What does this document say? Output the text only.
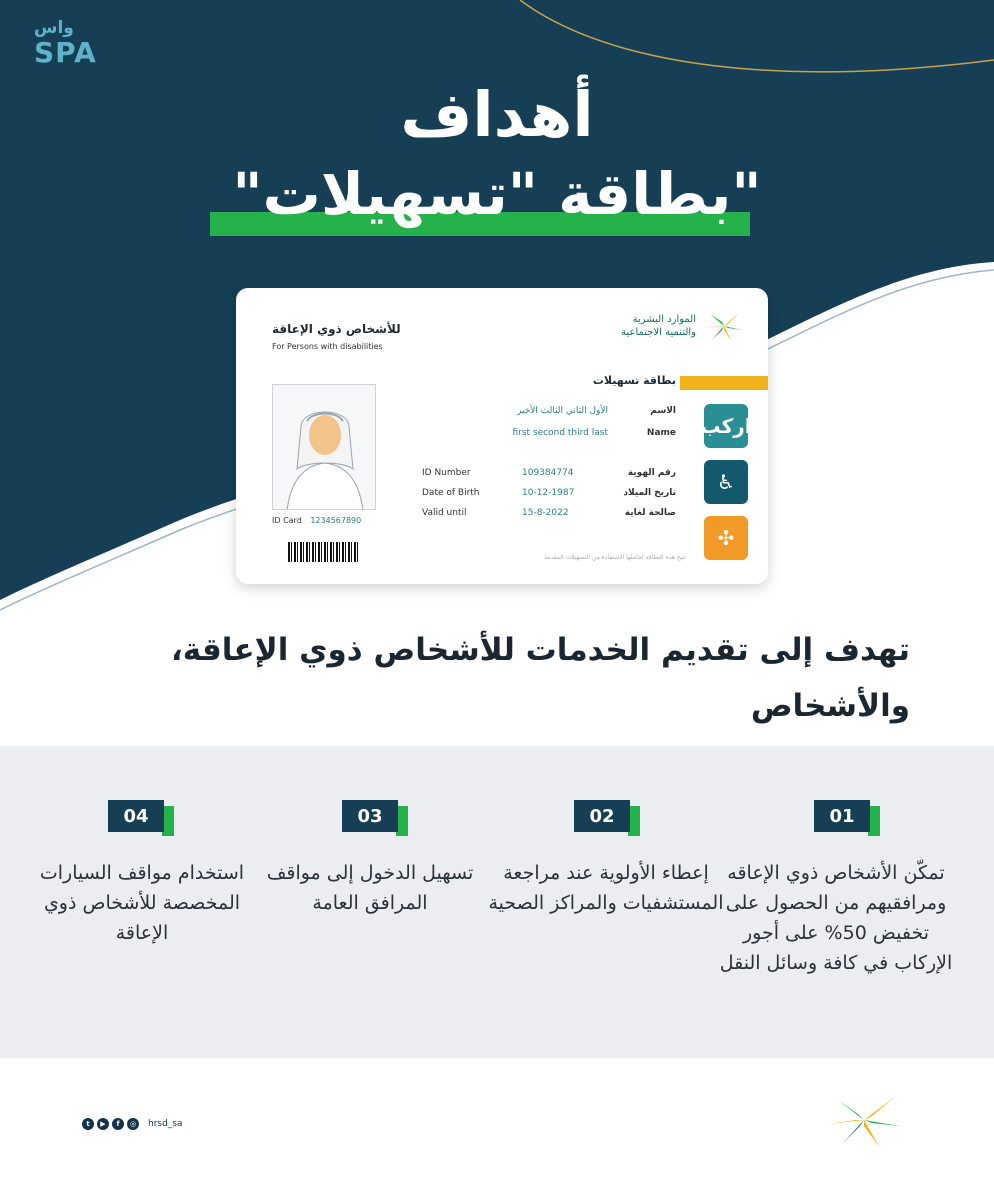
واس
SPA
أهداف
"بطاقة "تسهيلات"
الموارد البشرية
والتنمية الاجتماعية
للأشخاص ذوي الإعاقة
For Persons with disabilities
بطاقة تسهيلات
الاسم
الأول الثاني الثالث الأخير
Name
first second third last
ID Number	109384774	رقم الهوية
Date of Birth	10-12-1987	تاريخ الميلاد
Valid until	15-8-2022	صالحة لغاية
اركب
♿
✣
ID Card 1234567890
تتيح هذه البطاقة لحاملها الاستفادة من التسهيلات المقدمة
تهدف إلى تقديم الخدمات للأشخاص ذوي الإعاقة، والأشخاص
01
تمكّن الأشخاص ذوي الإعاقه ومرافقيهم من الحصول على تخفيض 50% على أجور الإركاب في كافة وسائل النقل
02
إعطاء الأولوية عند مراجعة المستشفيات والمراكز الصحية
03
تسهيل الدخول إلى مواقف المرافق العامة
04
استخدام مواقف السيارات المخصصة للأشخاص ذوي الإعاقة
t	▶	f	◎	hrsd_sa
